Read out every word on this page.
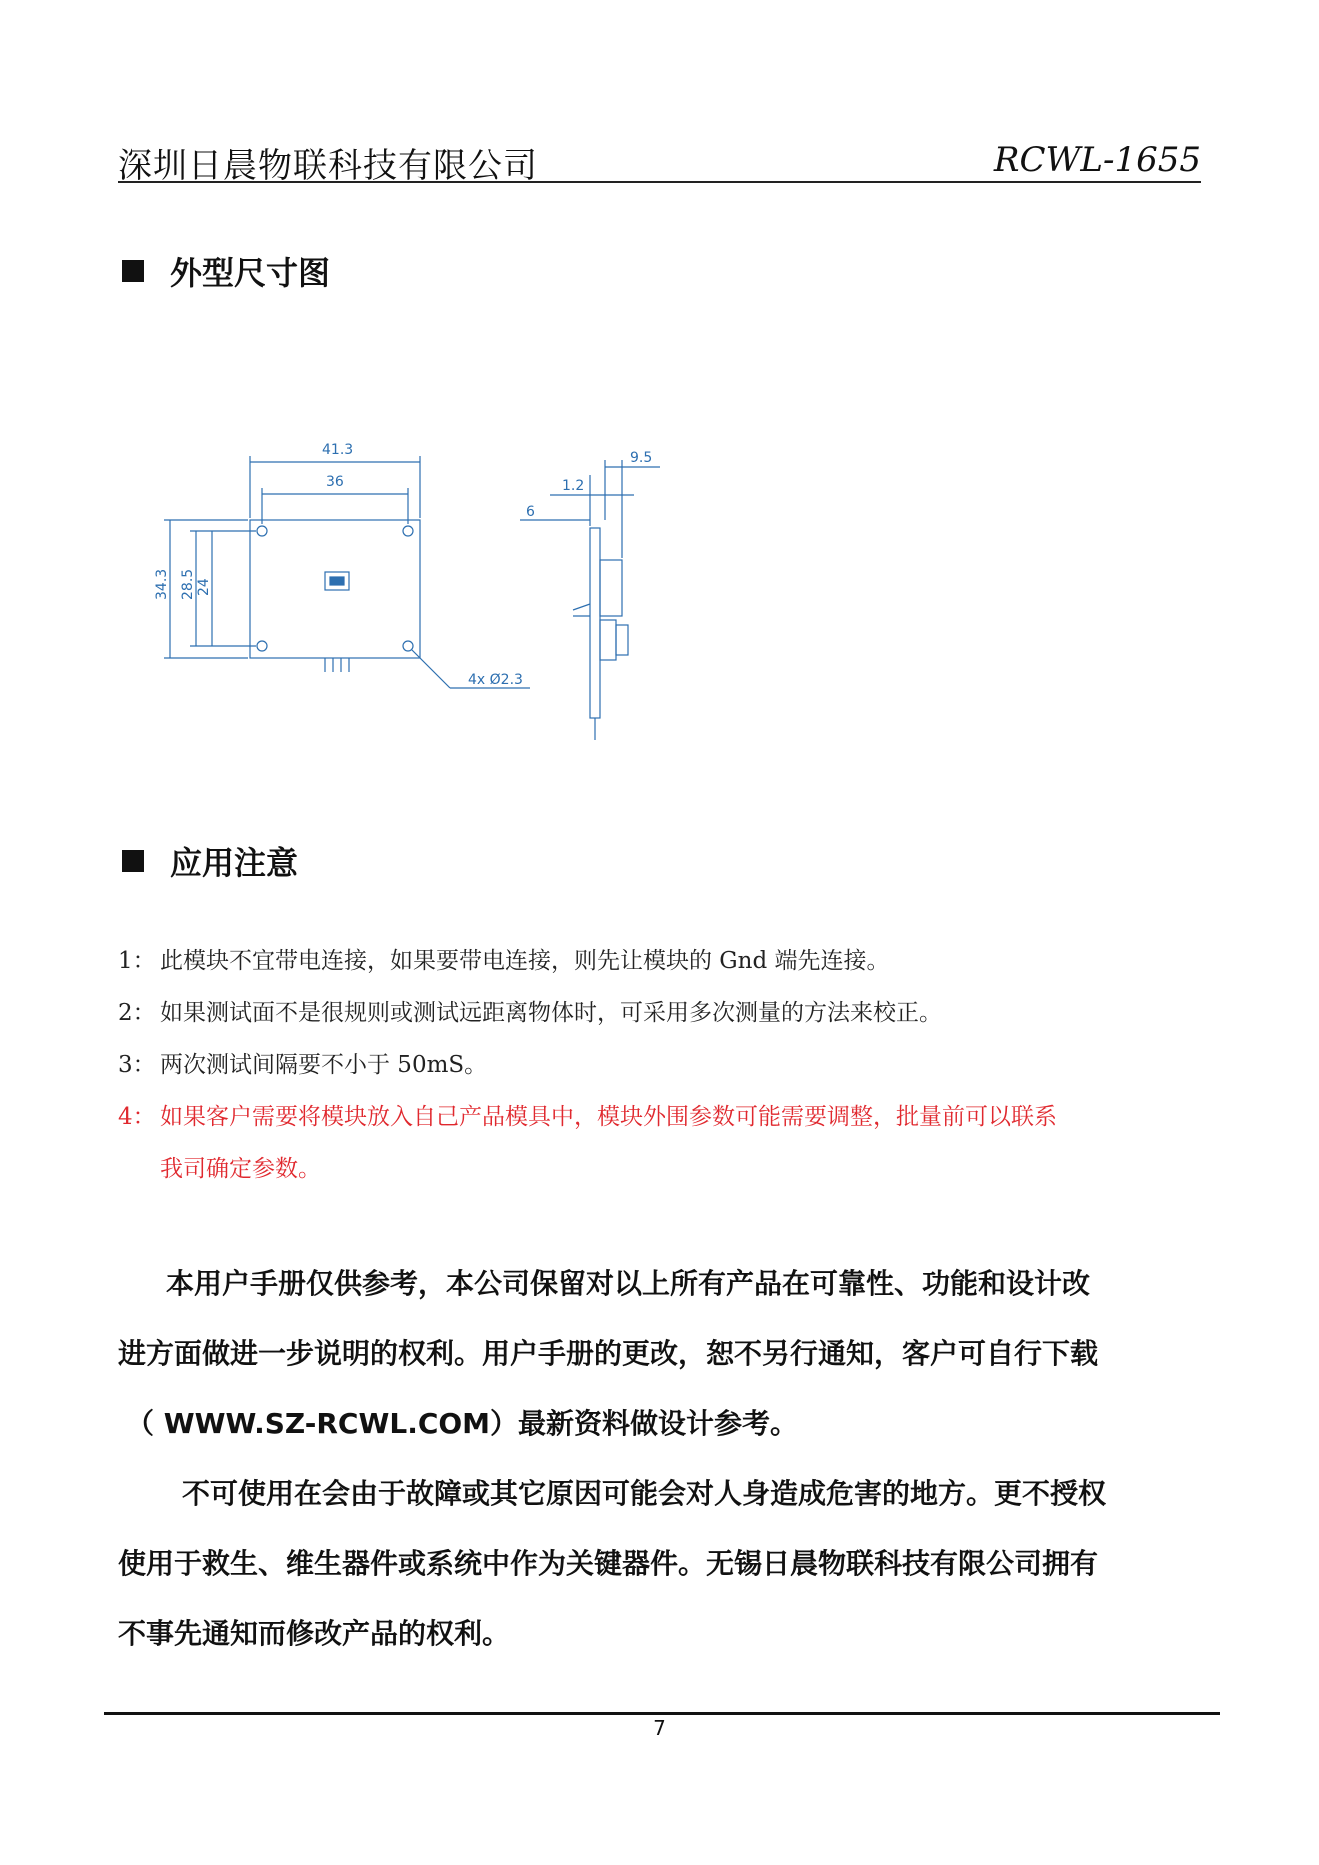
深圳日晨物联科技有限公司	RCWL-1655
外型尺寸图
41.3
36
34.3 28.5 24
4x Ø2.3
9.5
1.2
6
应用注意
1： 此模块不宜带电连接，如果要带电连接，则先让模块的 Gnd 端先连接。
2： 如果测试面不是很规则或测试远距离物体时，可采用多次测量的方法来校正。
3： 两次测试间隔要不小于 50mS。
4： 如果客户需要将模块放入自己产品模具中，模块外围参数可能需要调整，批量前可以联系
我司确定参数。
本用户手册仅供参考，本公司保留对以上所有产品在可靠性、功能和设计改
进方面做进一步说明的权利。用户手册的更改，恕不另行通知，客户可自行下载
（ WWW.SZ-RCWL.COM）最新资料做设计参考。
不可使用在会由于故障或其它原因可能会对人身造成危害的地方。更不授权
使用于救生、维生器件或系统中作为关键器件。无锡日晨物联科技有限公司拥有
不事先通知而修改产品的权利。
7
